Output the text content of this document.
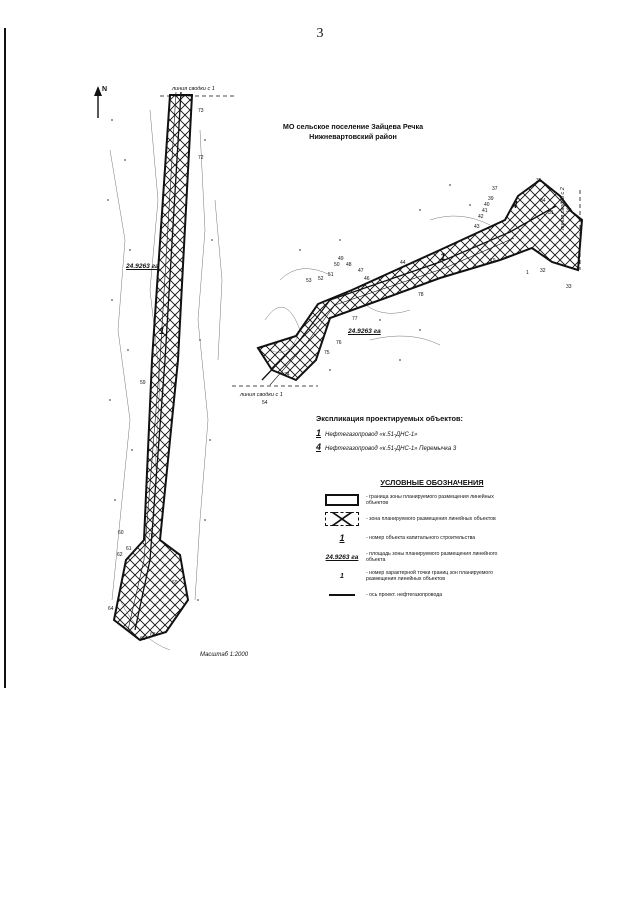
3
N	линия сводки с 1
линия сводки с 1
линия сводки с 2
24.9263 га
24.9263 га
1
1
4
73
72
71
70
69
68
66
64
62
61
60
59
54
53 52
51
50
49
48
47
46
44
43
42
41
40
39
37
35
34
31 30
32
33
1
79
78
77
76
75
74
МО сельское поселение Зайцева Речка
Нижневартовский район
Экспликация проектируемых объектов:
1 Нефтегазопровод «к.51-ДНС-1»
4 Нефтегазопровод «к.51-ДНС-1» Перемычка 3
УСЛОВНЫЕ ОБОЗНАЧЕНИЯ
- граница зоны планируемого размещения линейных объектов
- зона планируемого размещения линейных объектов
1	- номер объекта капитального строительства
24.9263 га - площадь зоны планируемого размещения линейного объекта
1	- номер характерной точки границ зон планируемого размещения линейных объектов
- ось проект. нефтегазопровода
Масштаб 1:2000
